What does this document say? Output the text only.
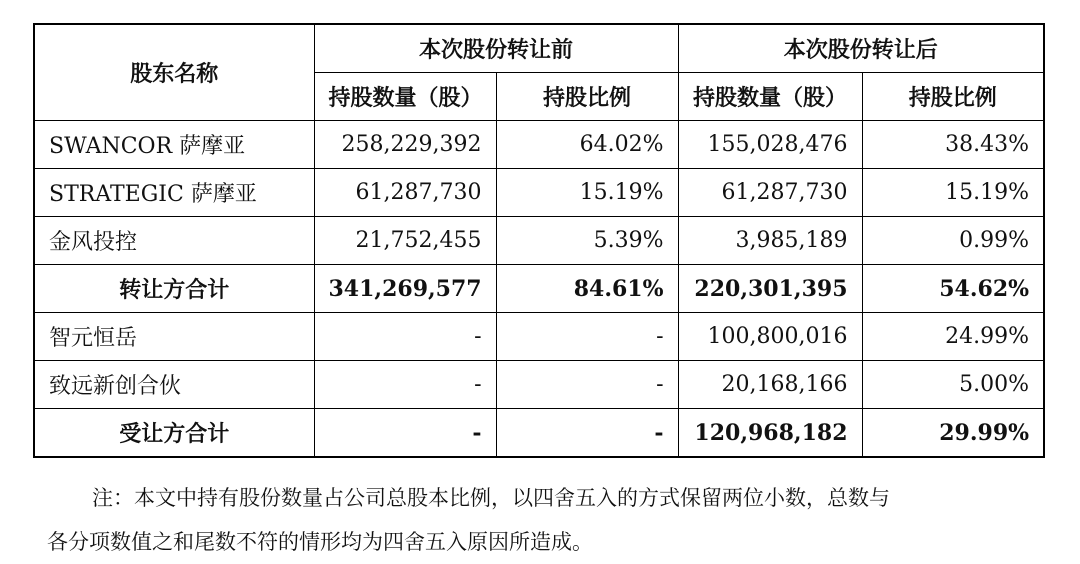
股东名称	本次股份转让前		本次股份转让后	
	持股数量（股）	持股比例	持股数量（股）	持股比例
SWANCOR 萨摩亚	258,229,392	64.02%	155,028,476	38.43%
STRATEGIC 萨摩亚	61,287,730	15.19%	61,287,730	15.19%
金风投控	21,752,455	5.39%	3,985,189	0.99%
转让方合计	341,269,577	84.61%	220,301,395	54.62%
智元恒岳	-	-	100,800,016	24.99%
致远新创合伙	-	-	20,168,166	5.00%
受让方合计	-	-	120,968,182	29.99%

注：本文中持有股份数量占公司总股本比例，以四舍五入的方式保留两位小数，总数与

各分项数值之和尾数不符的情形均为四舍五入原因所造成。
